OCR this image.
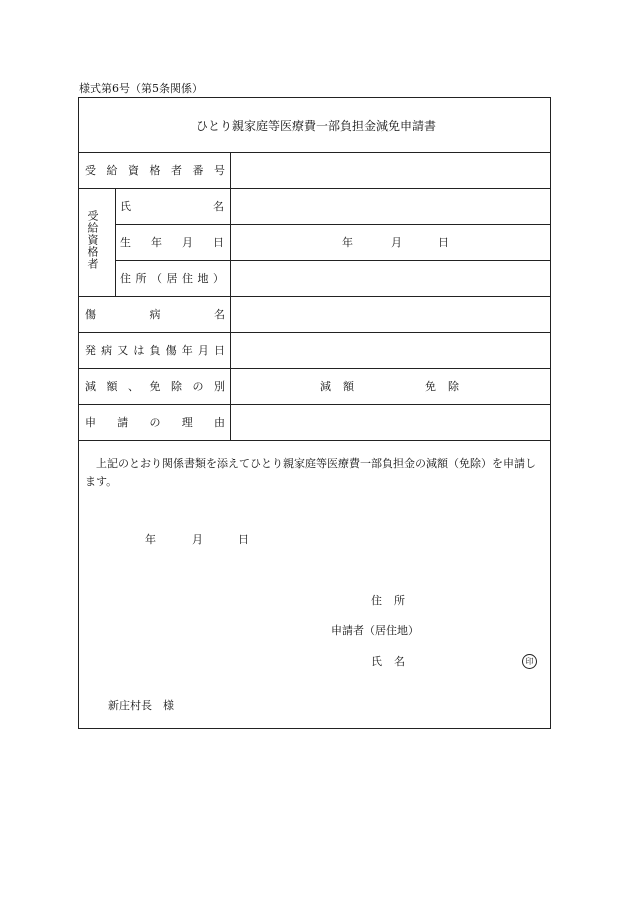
様式第6号（第5条関係）
ひとり親家庭等医療費一部負担金減免申請書
受 給 資 格 者 番 号
受給資格者
氏	名
生 年 月 日	年	月	日
住 所 （ 居 住 地 ）
傷	病	名
発 病 又 は 負 傷 年 月 日
減 額 、 免 除 の 別	減額	免除
申 請 の 理 由
上記のとおり関係書類を添えてひとり親家庭等医療費一部負担金の減額（免除）を申請します。
年	月	日
住所
申請者（居住地）
氏名	印
新庄村長　様
